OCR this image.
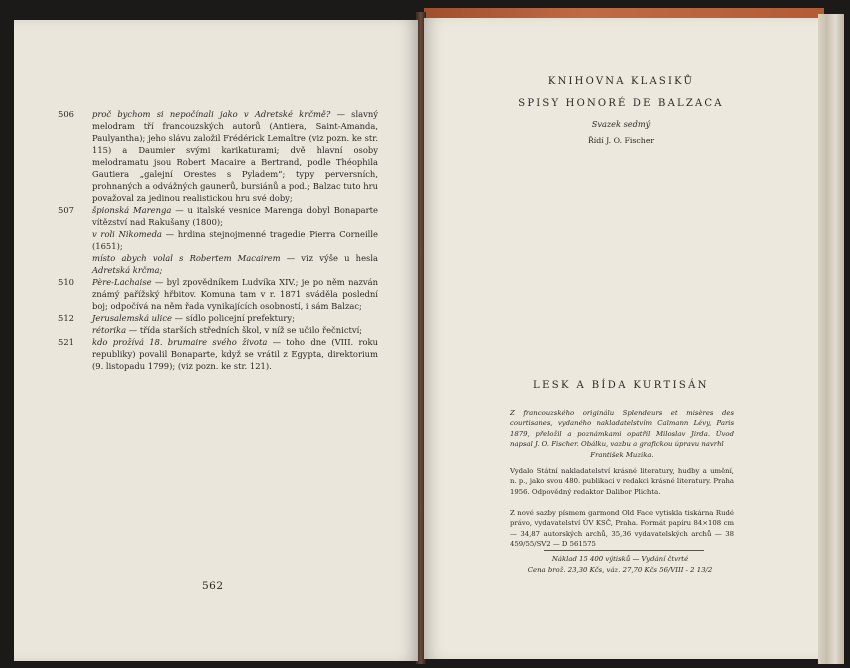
506	proč bychom si nepočínali jako v Adretské krčmě? — slavný melodram tří francouzských autorů (Antiera, Saint-Amanda, Paulyantha); jeho slávu založil Frédérick Lemaître (viz pozn. ke str. 115) a Daumier svými karikaturami; dvě hlavní osoby melodramatu jsou Robert Macaire a Bertrand, podle Théophila Gautiera „galejní Orestes s Pyladem“; typy perversních, prohnaných a odvážných gaunerů, bursiánů a pod.; Balzac tuto hru považoval za jedinou realistickou hru své doby;
507	špionská Marenga — u italské vesnice Marenga dobyl Bonaparte vítězství nad Rakušany (1800);
v roli Nikomeda — hrdina stejnojmenné tragedie Pierra Corneille (1651);
místo abych volal s Robertem Macairem — viz výše u hesla Adretská krčma;
510	Père-Lachaise — byl zpovědníkem Ludvíka XIV.; je po něm nazván známý pařížský hřbitov. Komuna tam v r. 1871 sváděla poslední boj; odpočívá na něm řada vynikajících osobností, i sám Balzac;
512	Jerusalemská ulice — sídlo policejní prefektury;
rétorika — třída starších středních škol, v níž se učilo řečnictví;
521	kdo prožívá 18. brumaire svého života — toho dne (VIII. roku republiky) povalil Bonaparte, když se vrátil z Egypta, direktorium (9. listopadu 1799); (viz pozn. ke str. 121).
562
KNIHOVNA KLASIKŮ
SPISY HONORÉ DE BALZACA
Svazek sedmý
Řídí J. O. Fischer
LESK A BÍDA KURTISÁN
Z francouzského originálu Splendeurs et misères des courtisanes, vydaného nakladatelstvím Calmann Lévy, Paris 1879, přeložil a poznámkami opatřil Miloslav Jirda. Úvod napsal J. O. Fischer. Obálku, vazbu a grafickou úpravu navrhl
František Muzika.
Vydalo Státní nakladatelství krásné literatury, hudby a umění, n. p., jako svou 480. publikaci v redakci krásné literatury. Praha 1956. Odpovědný redaktor Dalibor Plichta.
Z nové sazby písmem garmond Old Face vytiskla tiskárna Rudé právo, vydavatelství ÚV KSČ, Praha. Formát papíru 84×108 cm — 34,87 autorských archů, 35,36 vydavatelských archů — 38 459/55/SV2 — D 561575
Náklad 15 400 výtisků — Vydání čtvrté
Cena brož. 23,30 Kčs, váz. 27,70 Kčs 56/VIII - 2 13/2
